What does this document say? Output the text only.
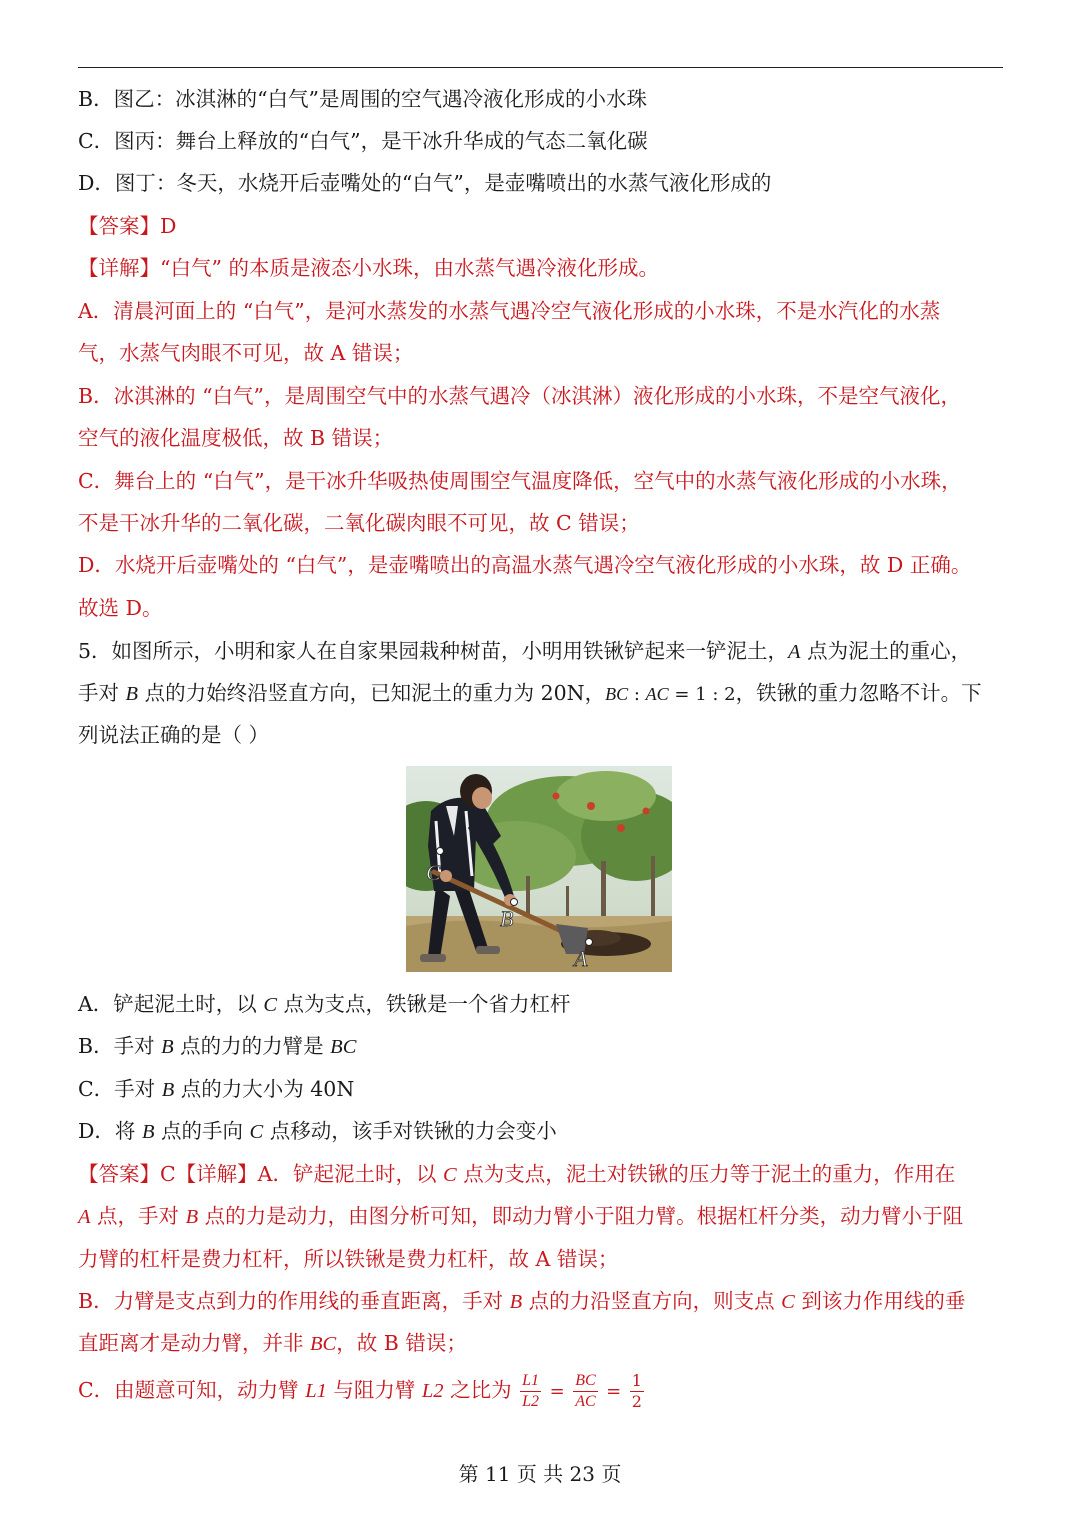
B．图乙：冰淇淋的“白气”是周围的空气遇冷液化形成的小水珠
C．图丙：舞台上释放的“白气”，是干冰升华成的气态二氧化碳
D．图丁：冬天，水烧开后壶嘴处的“白气”，是壶嘴喷出的水蒸气液化形成的
【答案】D
【详解】“白气” 的本质是液态小水珠，由水蒸气遇冷液化形成。
A．清晨河面上的 “白气”，是河水蒸发的水蒸气遇冷空气液化形成的小水珠，不是水汽化的水蒸
气，水蒸气肉眼不可见，故 A 错误；
B．冰淇淋的 “白气”，是周围空气中的水蒸气遇冷（冰淇淋）液化形成的小水珠，不是空气液化，
空气的液化温度极低，故 B 错误；
C．舞台上的 “白气”，是干冰升华吸热使周围空气温度降低，空气中的水蒸气液化形成的小水珠，
不是干冰升华的二氧化碳，二氧化碳肉眼不可见，故 C 错误；
D．水烧开后壶嘴处的 “白气”，是壶嘴喷出的高温水蒸气遇冷空气液化形成的小水珠，故 D 正确。
故选 D。
5．如图所示，小明和家人在自家果园栽种树苗，小明用铁锹铲起来一铲泥土，A 点为泥土的重心，
手对 B 点的力始终沿竖直方向，已知泥土的重力为 20N，BC : AC = 1 : 2，铁锹的重力忽略不计。下
列说法正确的是（ ）
C
B
A
A．铲起泥土时，以 C 点为支点，铁锹是一个省力杠杆
B．手对 B 点的力的力臂是 BC
C．手对 B 点的力大小为 40N
D．将 B 点的手向 C 点移动，该手对铁锹的力会变小
【答案】C【详解】A．铲起泥土时，以 C 点为支点，泥土对铁锹的压力等于泥土的重力，作用在
A 点，手对 B 点的力是动力，由图分析可知，即动力臂小于阻力臂。根据杠杆分类，动力臂小于阻
力臂的杠杆是费力杠杆，所以铁锹是费力杠杆，故 A 错误；
B．力臂是支点到力的作用线的垂直距离，手对 B 点的力沿竖直方向，则支点 C 到该力作用线的垂
直距离才是动力臂，并非 BC，故 B 错误；
C．由题意可知，动力臂 L1 与阻力臂 L2 之比为 $\frac{L1}{L2} = \frac{BC}{AC} = \frac{1}{2}$
第 11 页 共 23 页
